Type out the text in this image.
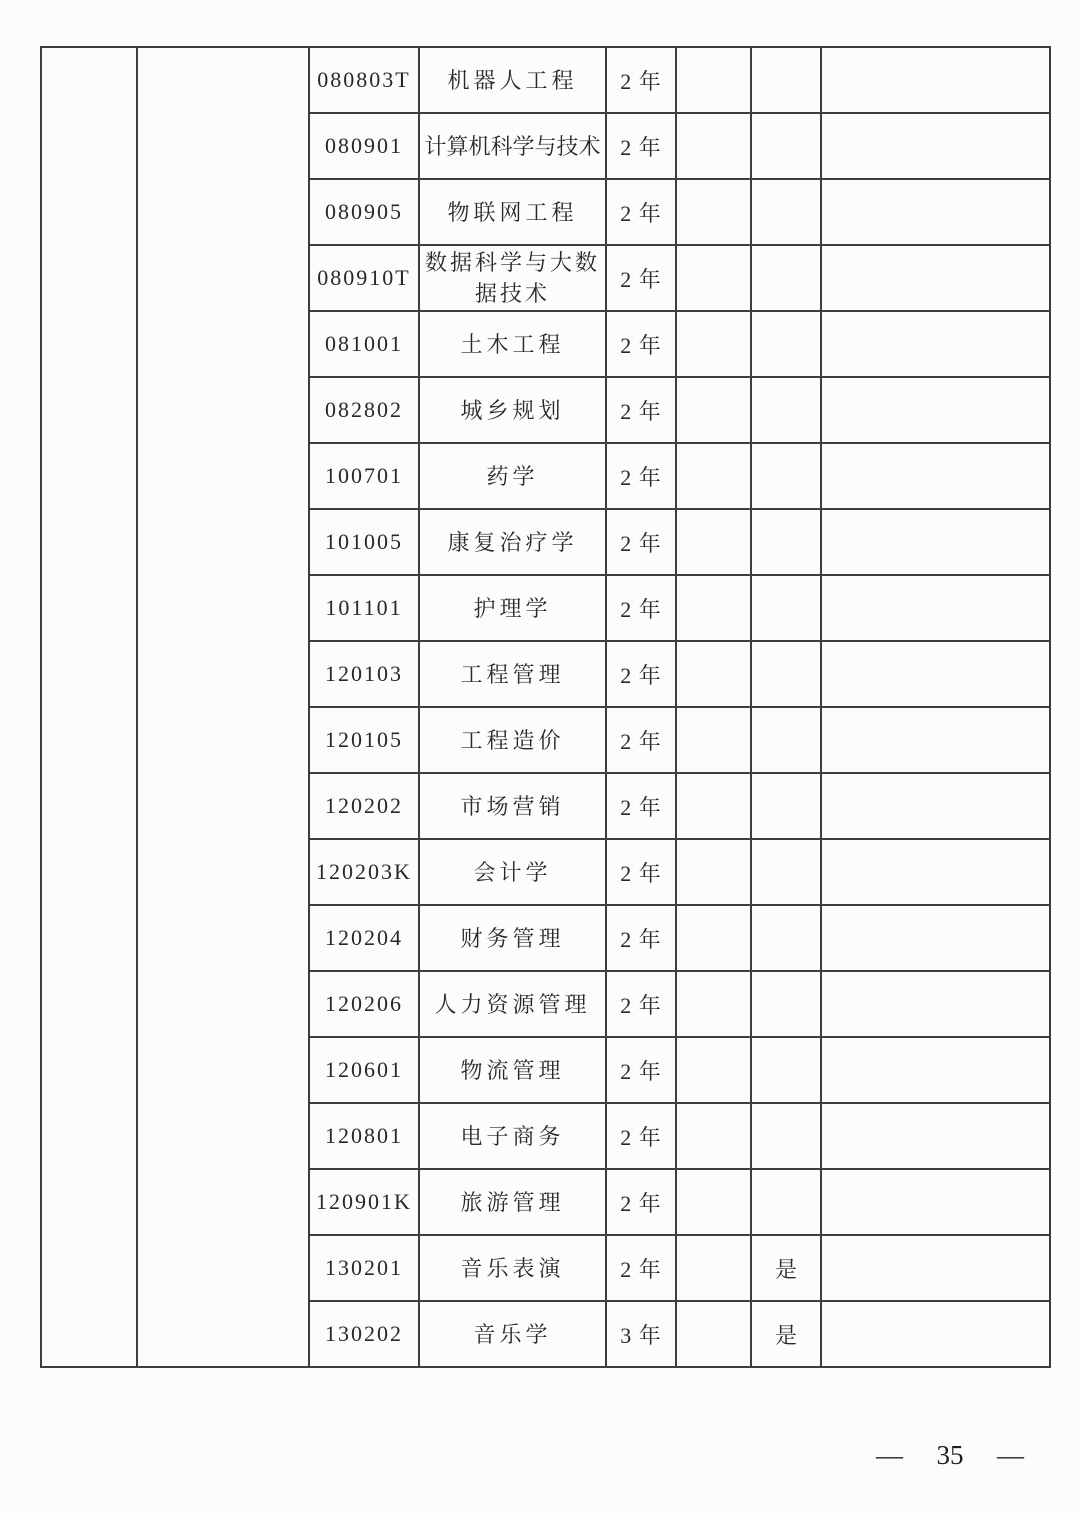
		080803T	机器人工程	2 年			
		080901	计算机科学与技术	2 年			
		080905	物联网工程	2 年			
		080910T	数据科学与大数据技术	2 年			
		081001	土木工程	2 年			
		082802	城乡规划	2 年			
		100701	药学	2 年			
		101005	康复治疗学	2 年			
		101101	护理学	2 年			
		120103	工程管理	2 年			
		120105	工程造价	2 年			
		120202	市场营销	2 年			
		120203K	会计学	2 年			
		120204	财务管理	2 年			
		120206	人力资源管理	2 年			
		120601	物流管理	2 年			
		120801	电子商务	2 年			
		120901K	旅游管理	2 年			
		130201	音乐表演	2 年		是	
		130202	音乐学	3 年		是	
—  35  —
